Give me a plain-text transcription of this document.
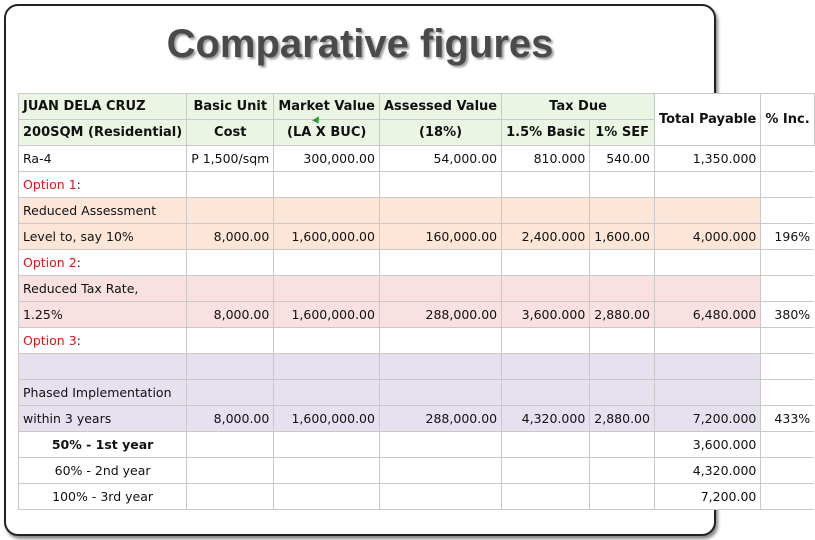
Comparative figures
JUAN DELA CRUZ	Basic Unit	Market Value	Assessed Value	Tax Due		Total Payable	% Inc.
200SQM (Residential)	Cost	(LA X BUC)	(18%)	1.5% Basic	1% SEF		
Ra-4	P 1,500/sqm	300,000.00	54,000.00	810.000	540.00	1,350.000	
Option 1:							
Reduced Assessment							
Level to, say 10%	8,000.00	1,600,000.00	160,000.00	2,400.000	1,600.00	4,000.000	196%
Option 2:							
Reduced Tax Rate,							
1.25%	8,000.00	1,600,000.00	288,000.00	3,600.000	2,880.00	6,480.000	380%
Option 3:							

Phased Implementation							
within 3 years	8,000.00	1,600,000.00	288,000.00	4,320.000	2,880.00	7,200.000	433%
50% - 1st year						3,600.000	
60% - 2nd year						4,320.000	
100% - 3rd year						7,200.00	
